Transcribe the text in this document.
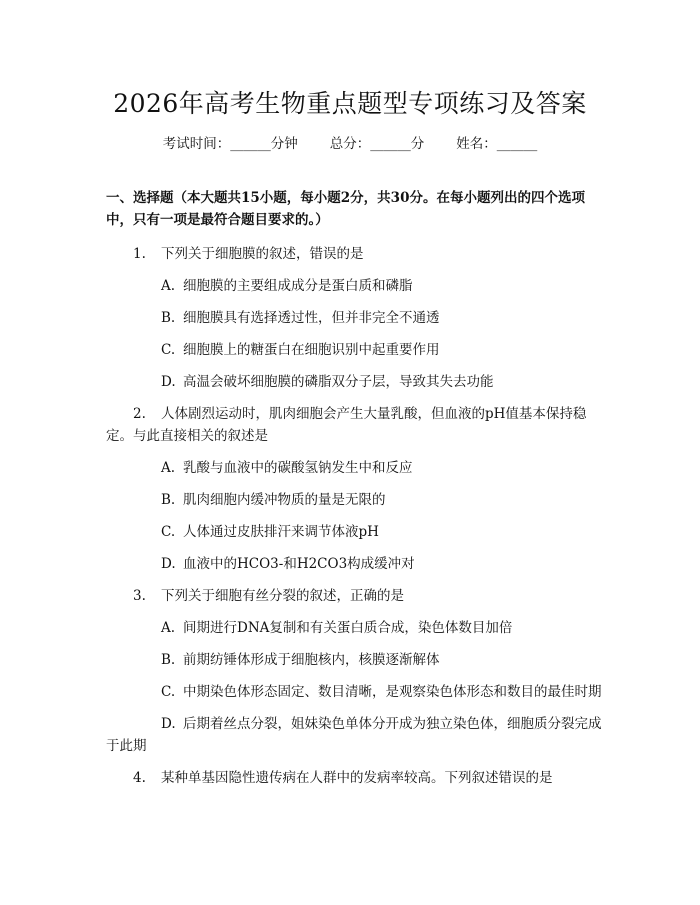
2026年高考生物重点题型专项练习及答案
考试时间：______分钟 总分：______分 姓名：______

一、选择题（本大题共15小题，每小题2分，共30分。在每小题列出的四个选项中，只有一项是最符合题目要求的。）

1. 下列关于细胞膜的叙述，错误的是

A. 细胞膜的主要组成成分是蛋白质和磷脂

B. 细胞膜具有选择透过性，但并非完全不通透

C. 细胞膜上的糖蛋白在细胞识别中起重要作用

D. 高温会破坏细胞膜的磷脂双分子层，导致其失去功能

2. 人体剧烈运动时，肌肉细胞会产生大量乳酸，但血液的pH值基本保持稳定。与此直接相关的叙述是

A. 乳酸与血液中的碳酸氢钠发生中和反应

B. 肌肉细胞内缓冲物质的量是无限的

C. 人体通过皮肤排汗来调节体液pH

D. 血液中的HCO3-和H2CO3构成缓冲对

3. 下列关于细胞有丝分裂的叙述，正确的是

A. 间期进行DNA复制和有关蛋白质合成，染色体数目加倍

B. 前期纺锤体形成于细胞核内，核膜逐渐解体

C. 中期染色体形态固定、数目清晰，是观察染色体形态和数目的最佳时期

D. 后期着丝点分裂，姐妹染色单体分开成为独立染色体，细胞质分裂完成于此期

4. 某种单基因隐性遗传病在人群中的发病率较高。下列叙述错误的是
